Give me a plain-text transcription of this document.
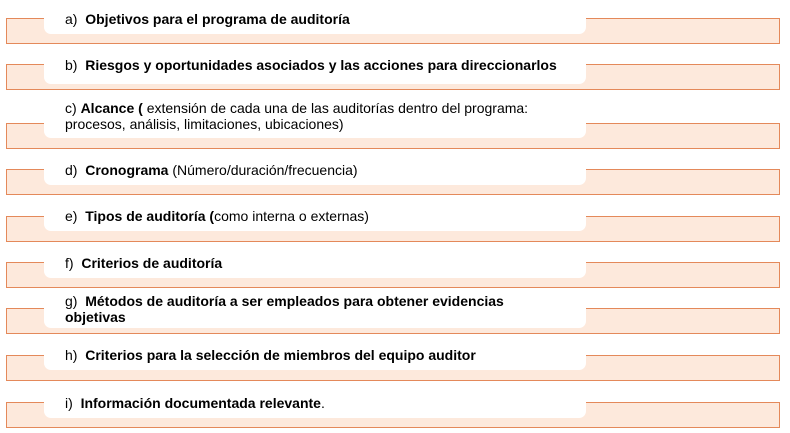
a) Objetivos para el programa de auditoría
b) Riesgos y oportunidades asociados y las acciones para direccionarlos
c) Alcance ( extensión de cada una de las auditorías dentro del programa: procesos, análisis, limitaciones, ubicaciones)
d) Cronograma (Número/duración/frecuencia)
e) Tipos de auditoría (como interna o externas)
f) Criterios de auditoría
g) Métodos de auditoría a ser empleados para obtener evidencias objetivas
h) Criterios para la selección de miembros del equipo auditor
i) Información documentada relevante.
